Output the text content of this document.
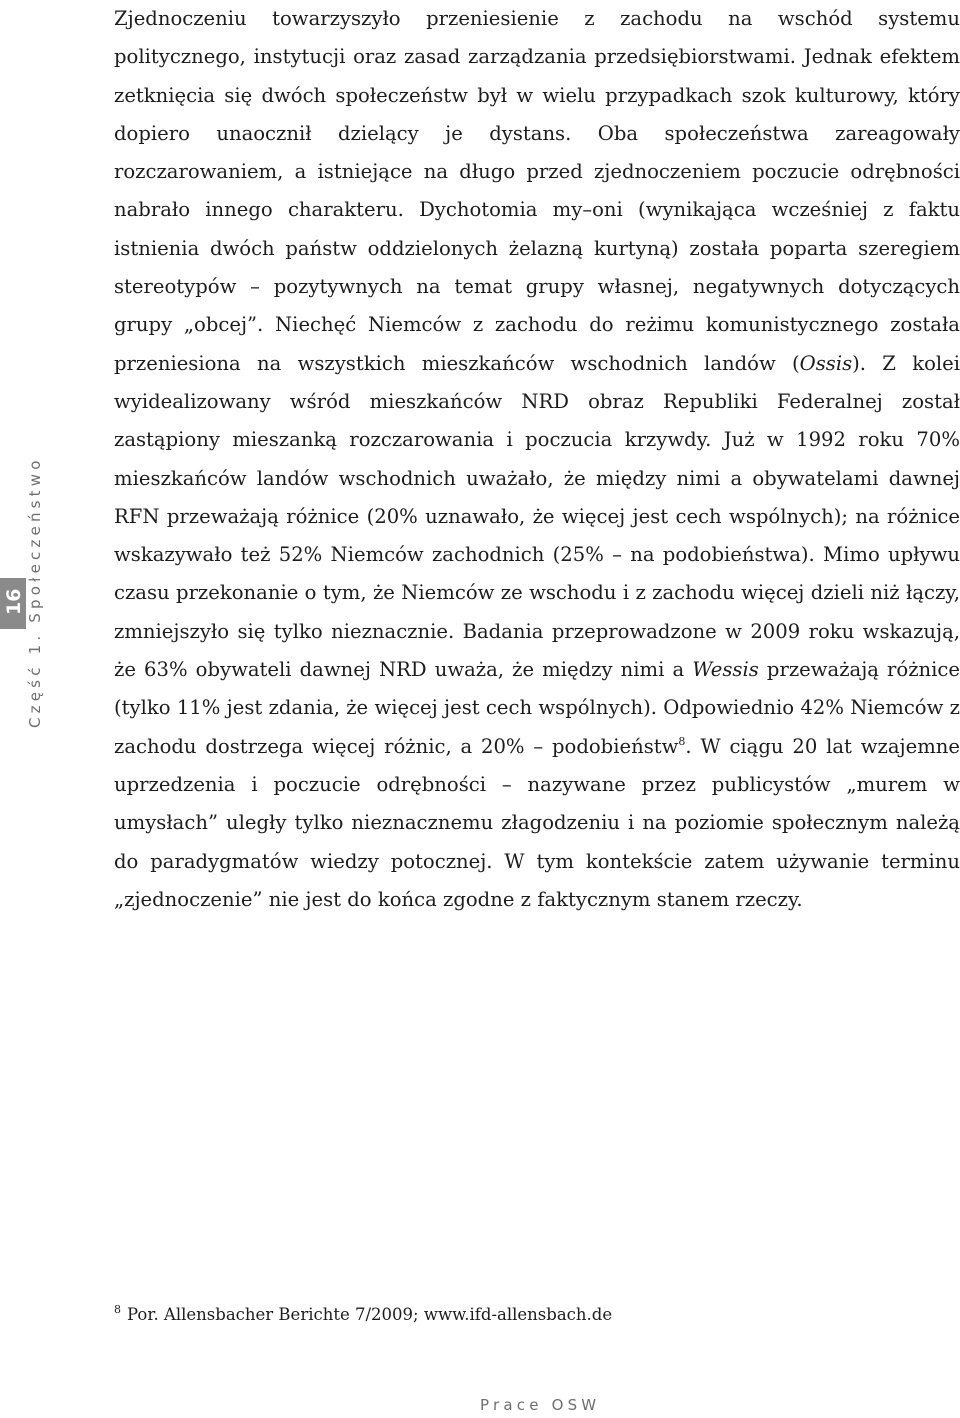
16 Część 1. Społeczeństwo

Zjednoczeniu towarzyszyło przeniesienie z zachodu na wschód systemu politycznego, instytucji oraz zasad zarządzania przedsiębiorstwami. Jednak efektem zetknięcia się dwóch społeczeństw był w wielu przypadkach szok kulturowy, który dopiero unaocznił dzielący je dystans. Oba społeczeństwa zareagowały rozczarowaniem, a istniejące na długo przed zjednoczeniem poczucie odrębności nabrało innego charakteru. Dychotomia my–oni (wynikająca wcześniej z faktu istnienia dwóch państw oddzielonych żelazną kurtyną) została poparta szeregiem stereotypów – pozytywnych na temat grupy własnej, negatywnych dotyczących grupy „obcej”. Niechęć Niemców z zachodu do reżimu komunistycznego została przeniesiona na wszystkich mieszkańców wschodnich landów (Ossis). Z kolei wyidealizowany wśród mieszkańców NRD obraz Republiki Federalnej został zastąpiony mieszanką rozczarowania i poczucia krzywdy. Już w 1992 roku 70% mieszkańców landów wschodnich uważało, że między nimi a obywatelami dawnej RFN przeważają różnice (20% uznawało, że więcej jest cech wspólnych); na różnice wskazywało też 52% Niemców zachodnich (25% – na podobieństwa). Mimo upływu czasu przekonanie o tym, że Niemców ze wschodu i z zachodu więcej dzieli niż łączy, zmniejszyło się tylko nieznacznie. Badania przeprowadzone w 2009 roku wskazują, że 63% obywateli dawnej NRD uważa, że między nimi a Wessis przeważają różnice (tylko 11% jest zdania, że więcej jest cech wspólnych). Odpowiednio 42% Niemców z zachodu dostrzega więcej różnic, a 20% – podobieństw$^8$. W ciągu 20 lat wzajemne uprzedzenia i poczucie odrębności – nazywane przez publicystów „murem w umysłach” uległy tylko nieznacznemu złagodzeniu i na poziomie społecznym należą do paradygmatów wiedzy potocznej. W tym kontekście zatem używanie terminu „zjednoczenie” nie jest do końca zgodne z faktycznym stanem rzeczy.

$^8$ Por. Allensbacher Berichte 7/2009; www.ifd-allensbach.de
Prace OSW
